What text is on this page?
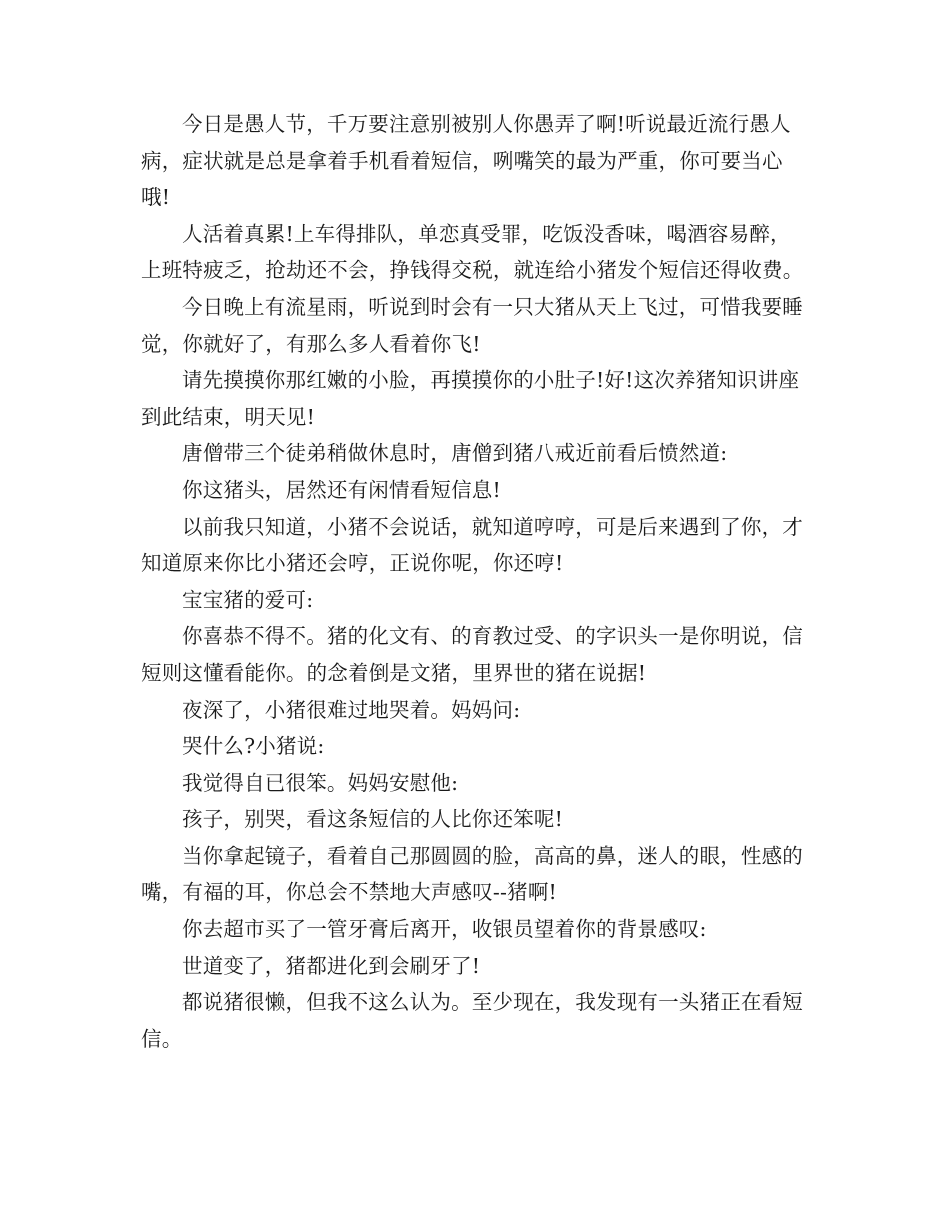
今日是愚人节，千万要注意别被别人你愚弄了啊!听说最近流行愚人病，症状就是总是拿着手机看着短信，咧嘴笑的最为严重，你可要当心哦!

人活着真累!上车得排队，单恋真受罪，吃饭没香味，喝酒容易醉，上班特疲乏，抢劫还不会，挣钱得交税，就连给小猪发个短信还得收费。

今日晚上有流星雨，听说到时会有一只大猪从天上飞过，可惜我要睡觉，你就好了，有那么多人看着你飞!

请先摸摸你那红嫩的小脸，再摸摸你的小肚子!好!这次养猪知识讲座到此结束，明天见!

唐僧带三个徒弟稍做休息时，唐僧到猪八戒近前看后愤然道:

你这猪头，居然还有闲情看短信息!

以前我只知道，小猪不会说话，就知道哼哼，可是后来遇到了你，才知道原来你比小猪还会哼，正说你呢，你还哼!

宝宝猪的爱可:

你喜恭不得不。猪的化文有、的育教过受、的字识头一是你明说，信短则这懂看能你。的念着倒是文猪，里界世的猪在说据!

夜深了，小猪很难过地哭着。妈妈问:

哭什么?小猪说:

我觉得自已很笨。妈妈安慰他:

孩子，别哭，看这条短信的人比你还笨呢!

当你拿起镜子，看着自己那圆圆的脸，高高的鼻，迷人的眼，性感的嘴，有福的耳，你总会不禁地大声感叹--猪啊!

你去超市买了一管牙膏后离开，收银员望着你的背景感叹:

世道变了，猪都进化到会刷牙了!

都说猪很懒，但我不这么认为。至少现在，我发现有一头猪正在看短信。
